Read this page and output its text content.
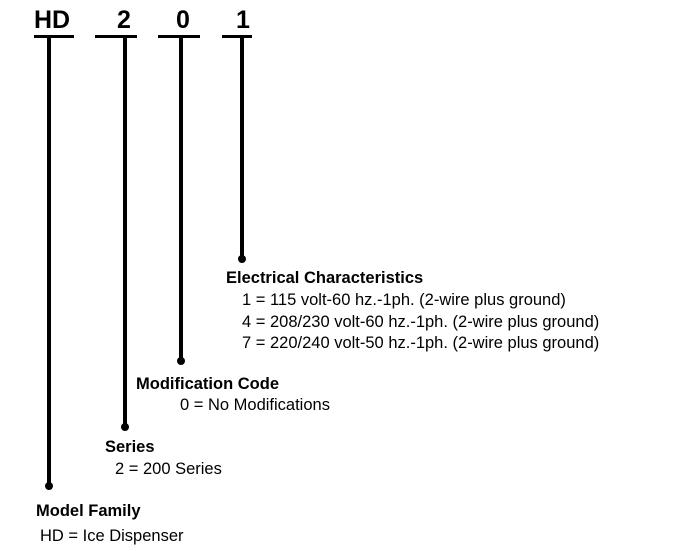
HD 2 0 1
Electrical Characteristics
1 = 115 volt-60 hz.-1ph. (2-wire plus ground)
4 = 208/230 volt-60 hz.-1ph. (2-wire plus ground)
7 = 220/240 volt-50 hz.-1ph. (2-wire plus ground)
Modification Code
0 = No Modifications
Series
2 = 200 Series
Model Family
HD = Ice Dispenser
